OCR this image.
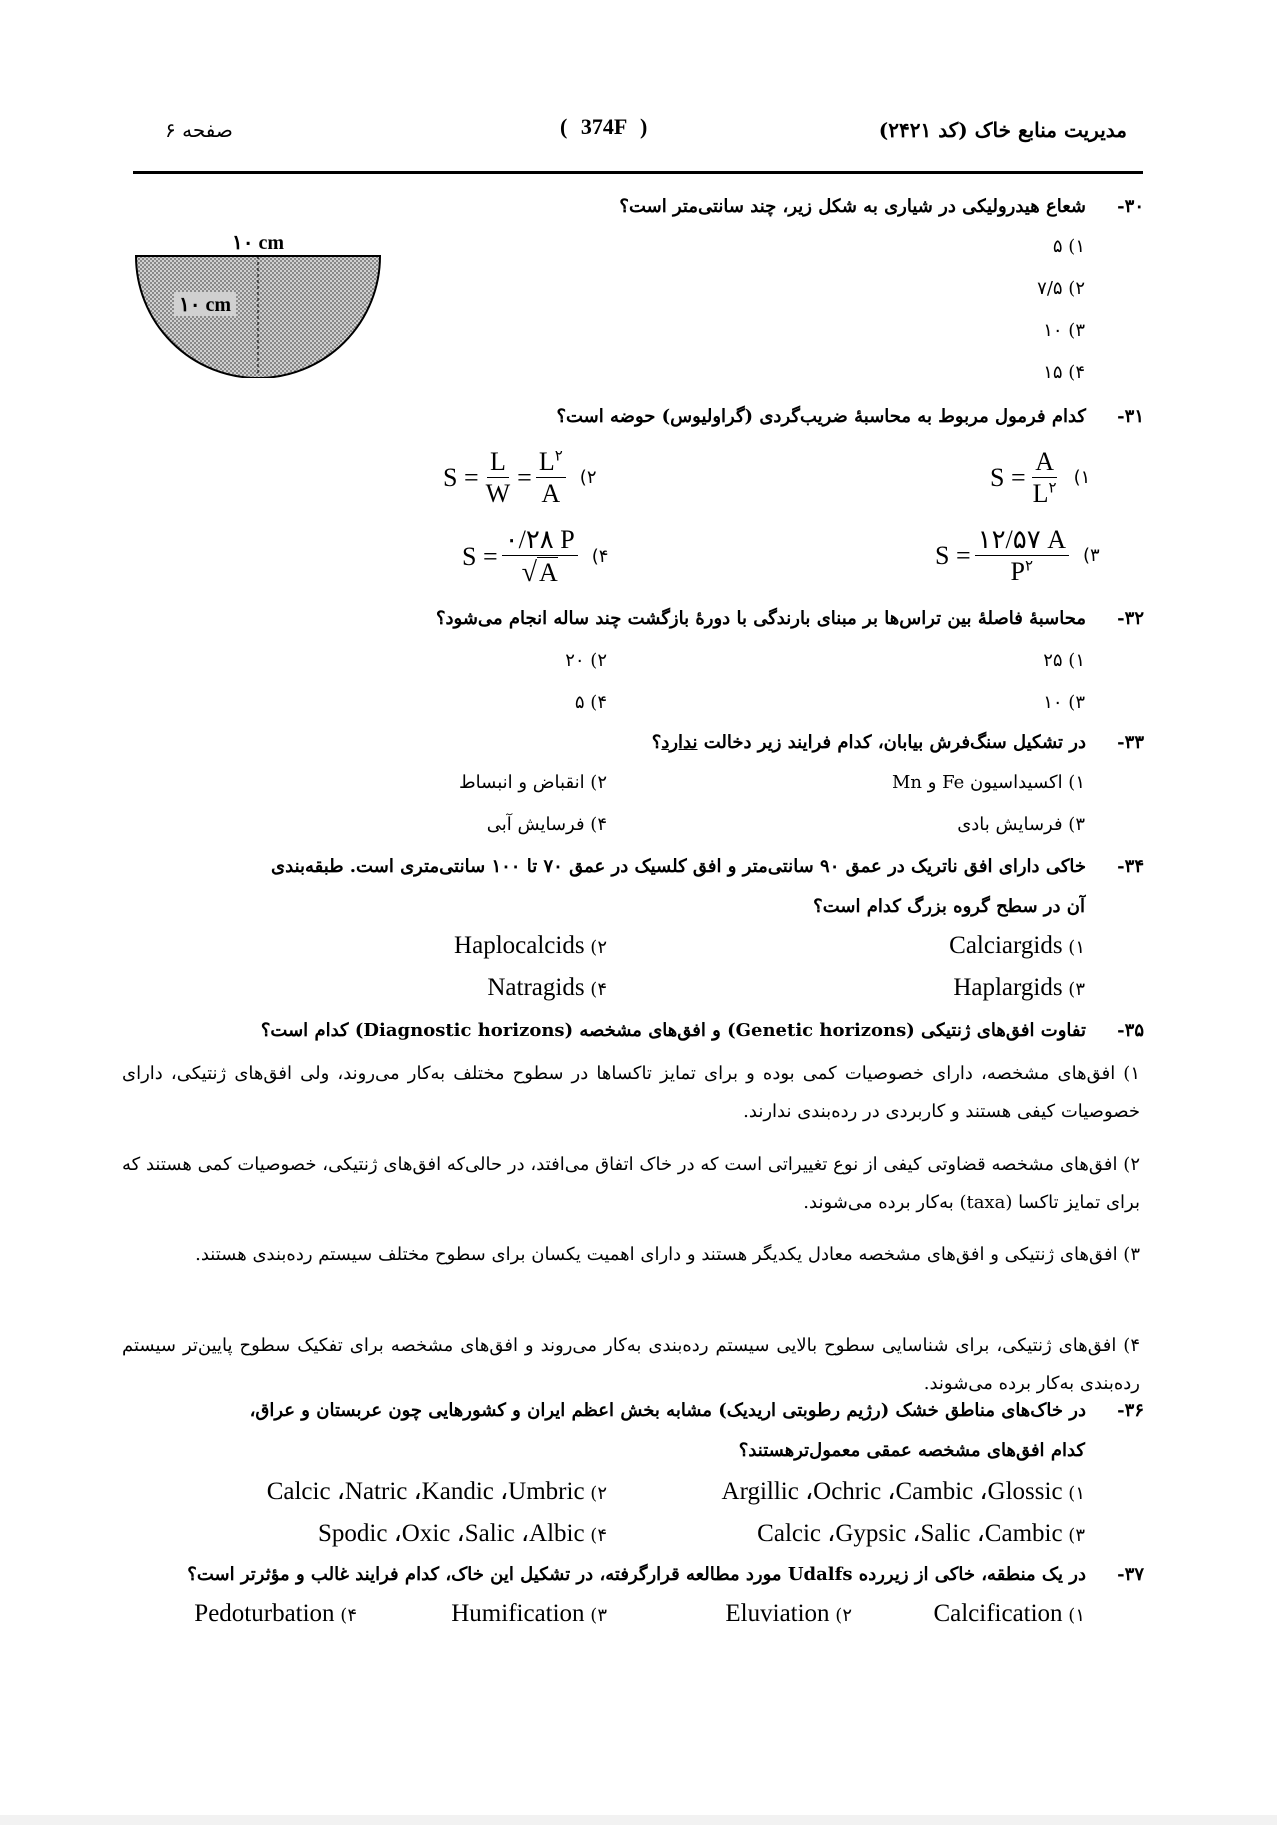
مدیریت منابع خاک (کد ۲۴۲۱)
( 374F )
صفحه ۶
۳۰-شعاع هیدرولیکی در شیاری به شکل زیر، چند سانتی‌متر است؟
۱) ۵
۲) ۷/۵
۳) ۱۰
۴) ۱۵
۱۰ cm
۱۰ cm
۳۱-کدام فرمول مربوط به محاسبهٔ ضریب‌گردی (گراولیوس) حوضه است؟
$S = \frac{A}{L^۲}$ ۱)
$S = \frac{L}{W} = \frac{L^۲}{A}$ ۲)
$S = \frac{۱۲/۵۷ A}{P^۲}$ ۳)
$S = \frac{۰/۲۸ P}{√A}$ ۴)
۳۲-محاسبهٔ فاصلهٔ بین تراس‌ها بر مبنای بارندگی با دورهٔ بازگشت چند ساله انجام می‌شود؟
۱) ۲۵
۲) ۲۰
۳) ۱۰
۴) ۵
۳۳-در تشکیل سنگ‌فرش بیابان، کدام فرایند زیر دخالت ندارد؟
۱) اکسیداسیون Fe و Mn
۲) انقباض و انبساط
۳) فرسایش بادی
۴) فرسایش آبی
۳۴-خاکی دارای افق ناتریک در عمق ۹۰ سانتی‌متر و افق کلسیک در عمق ۷۰ تا ۱۰۰ سانتی‌متری است. طبقه‌بندی
آن در سطح گروه بزرگ کدام است؟
۱) Calciargids
۲) Haplocalcids
۳) Haplargids
۴) Natragids
۳۵-تفاوت افق‌های ژنتیکی (Genetic horizons) و افق‌های مشخصه (Diagnostic horizons) کدام است؟
۱) افق‌های مشخصه، دارای خصوصیات کمی بوده و برای تمایز تاکساها در سطوح مختلف به‌کار می‌روند، ولی افق‌های ژنتیکی، دارای خصوصیات کیفی هستند و کاربردی در رده‌بندی ندارند.
۲) افق‌های مشخصه قضاوتی کیفی از نوع تغییراتی است که در خاک اتفاق می‌افتد، در حالی‌که افق‌های ژنتیکی، خصوصیات کمی هستند که برای تمایز تاکسا (taxa) به‌کار برده می‌شوند.
۳) افق‌های ژنتیکی و افق‌های مشخصه معادل یکدیگر هستند و دارای اهمیت یکسان برای سطوح مختلف سیستم رده‌بندی هستند.
۴) افق‌های ژنتیکی، برای شناسایی سطوح بالایی سیستم رده‌بندی به‌کار می‌روند و افق‌های مشخصه برای تفکیک سطوح پایین‌تر سیستم رده‌بندی به‌کار برده می‌شوند.
۳۶-در خاک‌های مناطق خشک (رژیم رطوبتی اریدیک) مشابه بخش اعظم ایران و کشورهایی چون عربستان و عراق،
کدام افق‌های مشخصه عمقی معمول‌ترهستند؟
۱) Argillic ،Ochric ،Cambic ،Glossic
۲) Calcic ،Natric ،Kandic ،Umbric
۳) Calcic ،Gypsic ،Salic ،Cambic
۴) Spodic ،Oxic ،Salic ،Albic
۳۷-در یک منطقه، خاکی از زیررده Udalfs مورد مطالعه قرارگرفته، در تشکیل این خاک، کدام فرایند غالب و مؤثرتر است؟
۱) Calcification
۲) Eluviation
۳) Humification
۴) Pedoturbation
